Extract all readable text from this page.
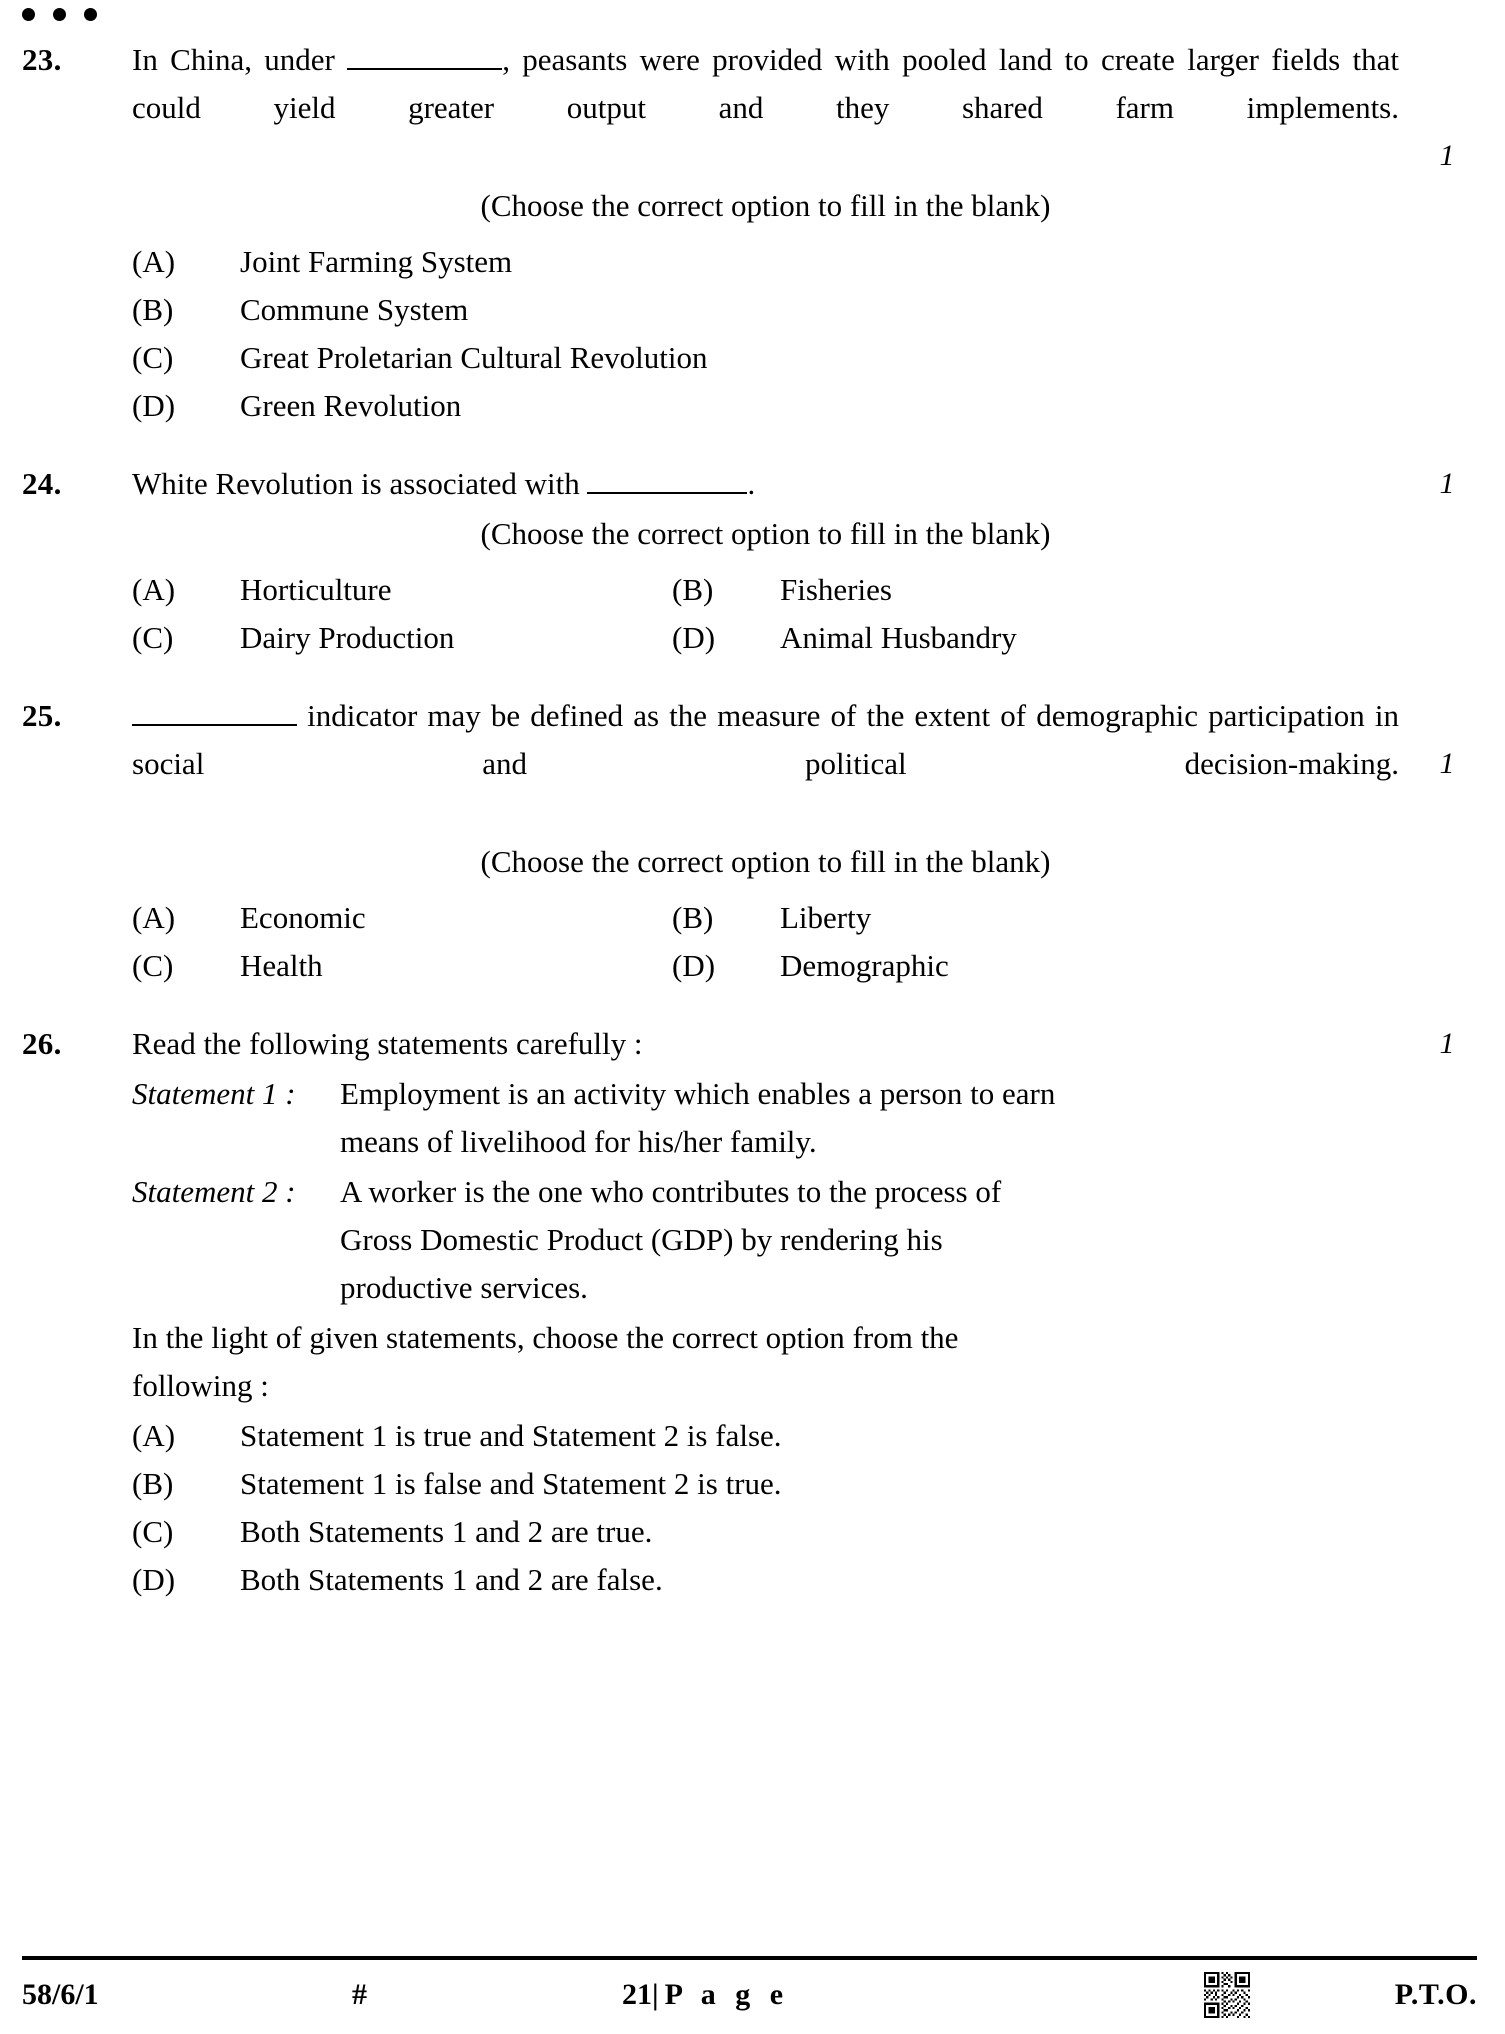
23.	In China, under	, peasants were provided with pooled land to create larger fields that could yield greater output and they shared farm implements.
1
(Choose the correct option to fill in the blank)
(A)	Joint Farming System
(B)	Commune System
(C)	Great Proletarian Cultural Revolution
(D)	Green Revolution
24.	White Revolution is associated with	.	1
(Choose the correct option to fill in the blank)
(A)	Horticulture	(B)	Fisheries
(C)	Dairy Production	(D)	Animal Husbandry
25.	indicator may be defined as the measure of the extent of demographic participation in social and political decision-making.	1
(Choose the correct option to fill in the blank)
(A)	Economic	(B)	Liberty
(C)	Health	(D)	Demographic
26.	Read the following statements carefully :	1
Statement 1 :	Employment is an activity which enables a person to earn
means of livelihood for his/her family.
Statement 2 :	A worker is the one who contributes to the process of
Gross Domestic Product (GDP) by rendering his
productive services.
In the light of given statements, choose the correct option from the
following :
(A)	Statement 1 is true and Statement 2 is false.
(B)	Statement 1 is false and Statement 2 is true.
(C)	Both Statements 1 and 2 are true.
(D)	Both Statements 1 and 2 are false.
58/6/1	#	21| P a g e	P.T.O.
